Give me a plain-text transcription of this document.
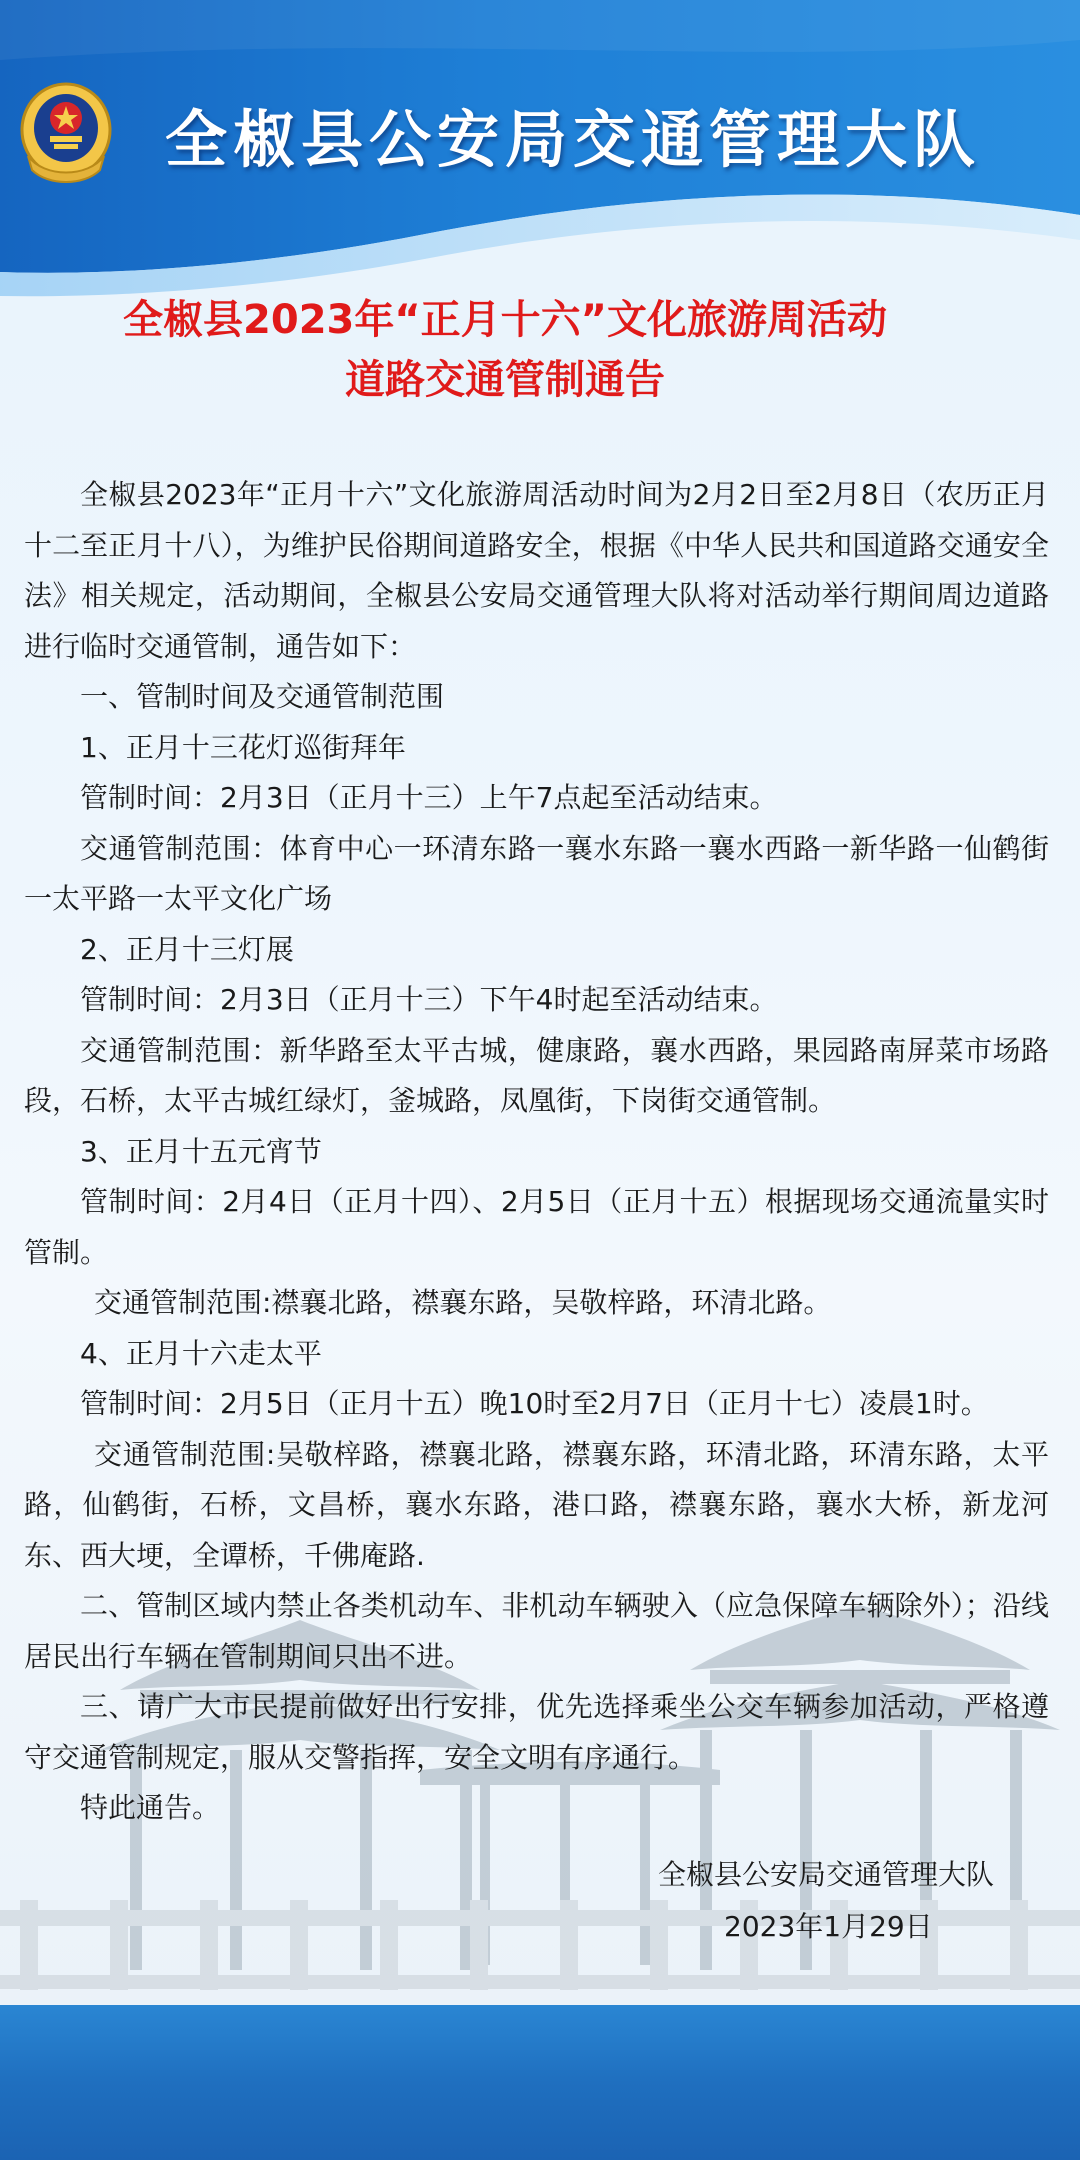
全椒县公安局交通管理大队
全椒县2023年“正月十六”文化旅游周活动
道路交通管制通告

全椒县2023年“正月十六”文化旅游周活动时间为2月2日至2月8日（农历正月十二至正月十八），为维护民俗期间道路安全，根据《中华人民共和国道路交通安全法》相关规定，活动期间，全椒县公安局交通管理大队将对活动举行期间周边道路进行临时交通管制，通告如下：

一、管制时间及交通管制范围

1、正月十三花灯巡街拜年

管制时间：2月3日（正月十三）上午7点起至活动结束。

交通管制范围：体育中心一环清东路一襄水东路一襄水西路一新华路一仙鹤街一太平路一太平文化广场

2、正月十三灯展

管制时间：2月3日（正月十三）下午4时起至活动结束。

交通管制范围：新华路至太平古城，健康路，襄水西路，果园路南屏菜市场路段，石桥，太平古城红绿灯，釜城路，凤凰街，下岗街交通管制。

3、正月十五元宵节

管制时间：2月4日（正月十四）、2月5日（正月十五）根据现场交通流量实时管制。

交通管制范围:襟襄北路，襟襄东路，吴敬梓路，环清北路。

4、正月十六走太平

管制时间：2月5日（正月十五）晚10时至2月7日（正月十七）凌晨1时。

交通管制范围:吴敬梓路，襟襄北路，襟襄东路，环清北路，环清东路，太平路，仙鹤街，石桥，文昌桥，襄水东路，港口路，襟襄东路，襄水大桥，新龙河东、西大埂，全谭桥，千佛庵路.

二、管制区域内禁止各类机动车、非机动车辆驶入（应急保障车辆除外）；沿线居民出行车辆在管制期间只出不进。

三、请广大市民提前做好出行安排，优先选择乘坐公交车辆参加活动，严格遵守交通管制规定，服从交警指挥，安全文明有序通行。

特此通告。

全椒县公安局交通管理大队
2023年1月29日
